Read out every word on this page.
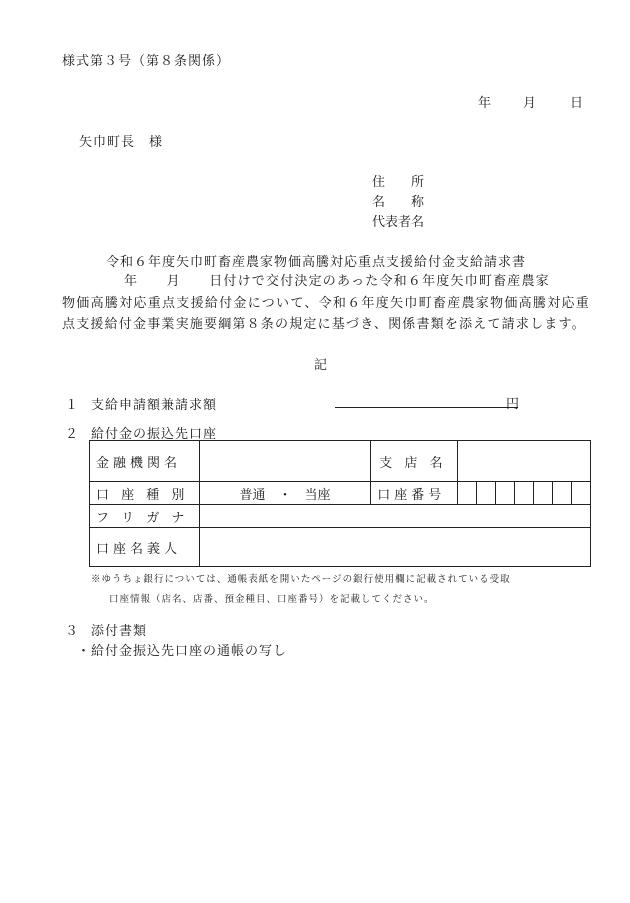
様式第３号（第８条関係）
年 月	日
矢巾町長　様
住　　所
名　　称
代表者名
令和６年度矢巾町畜産農家物価高騰対応重点支援給付金支給請求書
年　　月　　日付けで交付決定のあった令和６年度矢巾町畜産農家
物価高騰対応重点支援給付金について、令和６年度矢巾町畜産農家物価高騰対応重点支援給付金事業実施要綱第８条の規定に基づき、関係書類を添えて請求します。
記
１ 支給申請額兼請求額	円
２ 給付金の振込先口座
金融機関名		支 店 名							
口 座 種 別	普通　・　当座	口座番号							
フ リ ガ ナ									
口座名義人									
※ゆうちょ銀行については、通帳表紙を開いたページの銀行使用欄に記載されている受取
口座情報（店名、店番、預金種目、口座番号）を記載してください。
３ 添付書類
・給付金振込先口座の通帳の写し
